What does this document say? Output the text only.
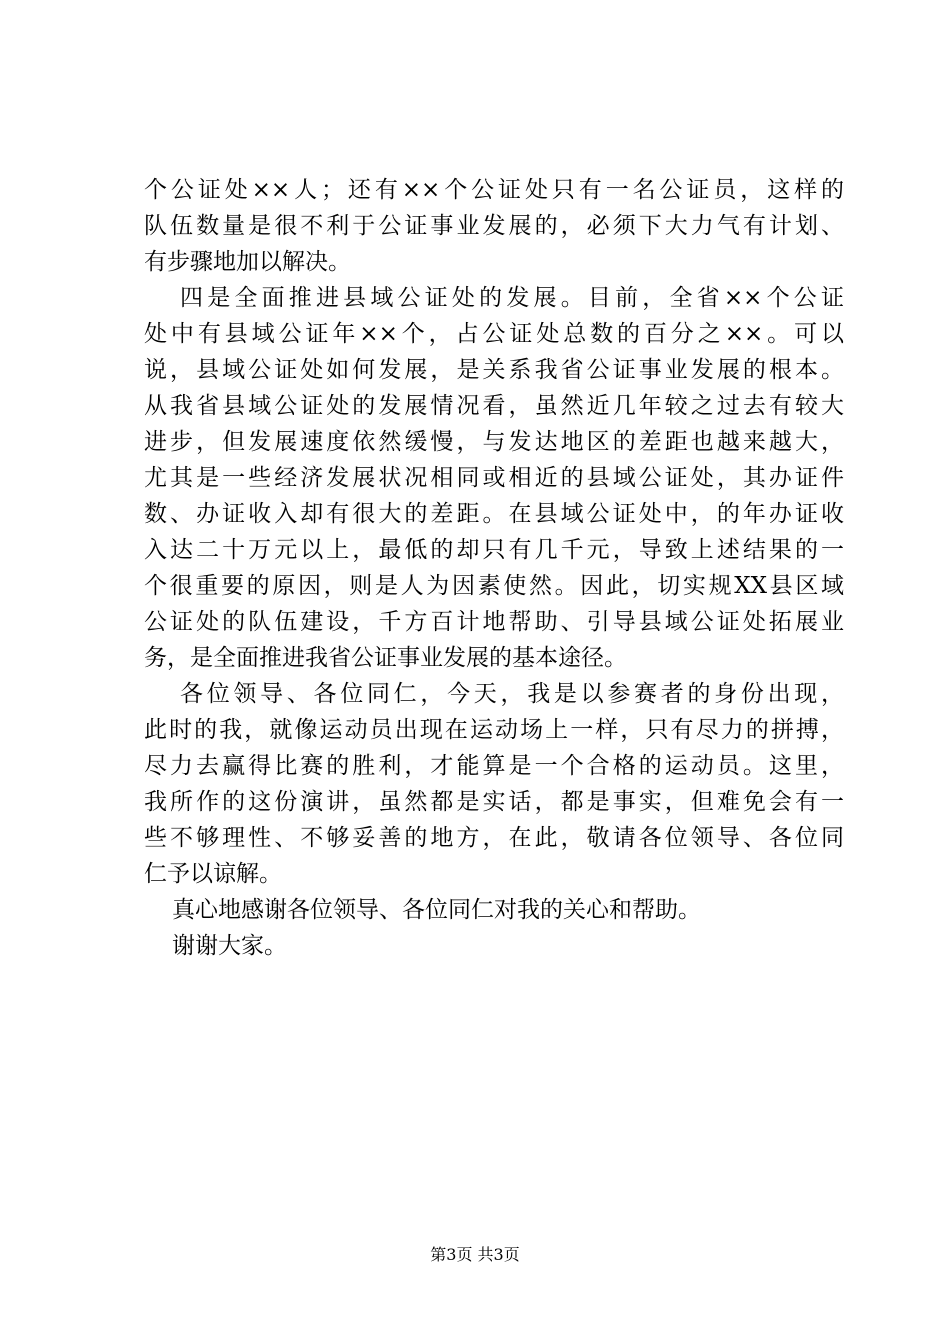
个公证处××人；还有××个公证处只有一名公证员，这样的
队伍数量是很不利于公证事业发展的，必须下大力气有计划、
有步骤地加以解决。
四是全面推进县域公证处的发展。目前，全省××个公证
处中有县域公证年××个，占公证处总数的百分之××。可以
说，县域公证处如何发展，是关系我省公证事业发展的根本。
从我省县域公证处的发展情况看，虽然近几年较之过去有较大
进步，但发展速度依然缓慢，与发达地区的差距也越来越大，
尤其是一些经济发展状况相同或相近的县域公证处，其办证件
数、办证收入却有很大的差距。在县域公证处中，的年办证收
入达二十万元以上，最低的却只有几千元，导致上述结果的一
个很重要的原因，则是人为因素使然。因此，切实规XX县区域
公证处的队伍建设，千方百计地帮助、引导县域公证处拓展业
务，是全面推进我省公证事业发展的基本途径。
各位领导、各位同仁，今天，我是以参赛者的身份出现，
此时的我，就像运动员出现在运动场上一样，只有尽力的拼搏，
尽力去赢得比赛的胜利，才能算是一个合格的运动员。这里，
我所作的这份演讲，虽然都是实话，都是事实，但难免会有一
些不够理性、不够妥善的地方，在此，敬请各位领导、各位同
仁予以谅解。
真心地感谢各位领导、各位同仁对我的关心和帮助。
谢谢大家。
第3页 共3页
